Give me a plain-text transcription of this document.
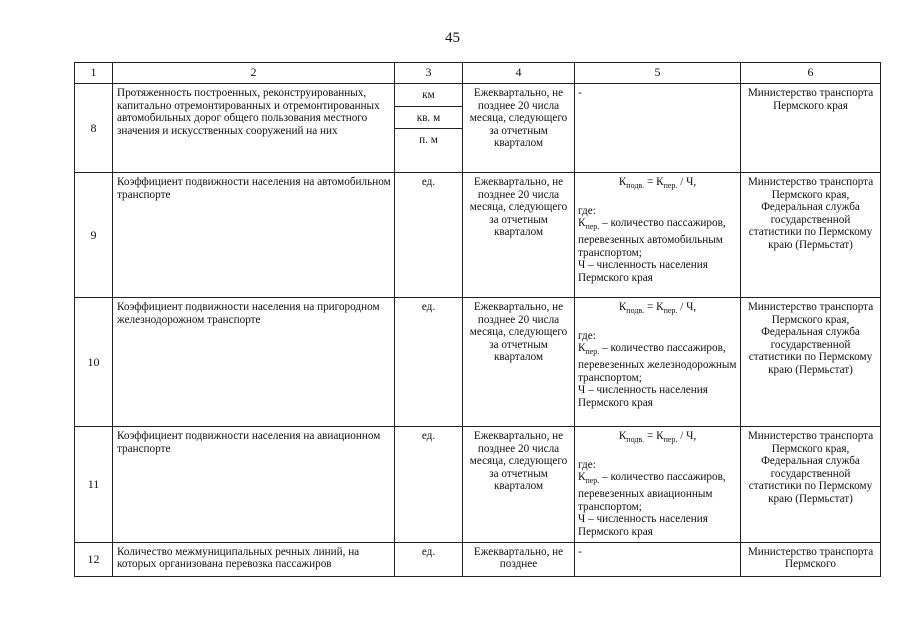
45
1	2	3	4	5	6
8	Протяженность построенных, реконструированных, капитально отремонтированных и отремонтированных автомобильных дорог общего пользования местного значения и искусственных сооружений на них	км
кв. м
п. м	Ежеквартально, не позднее 20 числа месяца, следующего за отчетным кварталом	-	Министерство транспорта Пермского края
9	Коэффициент подвижности населения на автомобильном транспорте	ед.	Ежеквартально, не позднее 20 числа месяца, следующего за отчетным кварталом	$К_{подв.} = К_{пер.} / Ч$,
где:
$К_{пер.}$ – количество пассажиров, перевезенных автомобильным транспортом;
Ч – численность населения Пермского края	Министерство транспорта Пермского края, Федеральная служба государственной статистики по Пермскому краю (Пермьстат)
10	Коэффициент подвижности населения на пригородном железнодорожном транспорте	ед.	Ежеквартально, не позднее 20 числа месяца, следующего за отчетным кварталом	$К_{подв.} = К_{пер.} / Ч$,
где:
$К_{пер.}$ – количество пассажиров, перевезенных железнодорожным транспортом;
Ч – численность населения Пермского края	Министерство транспорта Пермского края, Федеральная служба государственной статистики по Пермскому краю (Пермьстат)
11	Коэффициент подвижности населения на авиационном транспорте	ед.	Ежеквартально, не позднее 20 числа месяца, следующего за отчетным кварталом	$К_{подв.} = К_{пер.} / Ч$,
где:
$К_{пер.}$ – количество пассажиров, перевезенных авиационным транспортом;
Ч – численность населения Пермского края	Министерство транспорта Пермского края, Федеральная служба государственной статистики по Пермскому краю (Пермьстат)
12	Количество межмуниципальных речных линий, на которых организована перевозка пассажиров	ед.	Ежеквартально, не позднее	-	Министерство транспорта Пермского
